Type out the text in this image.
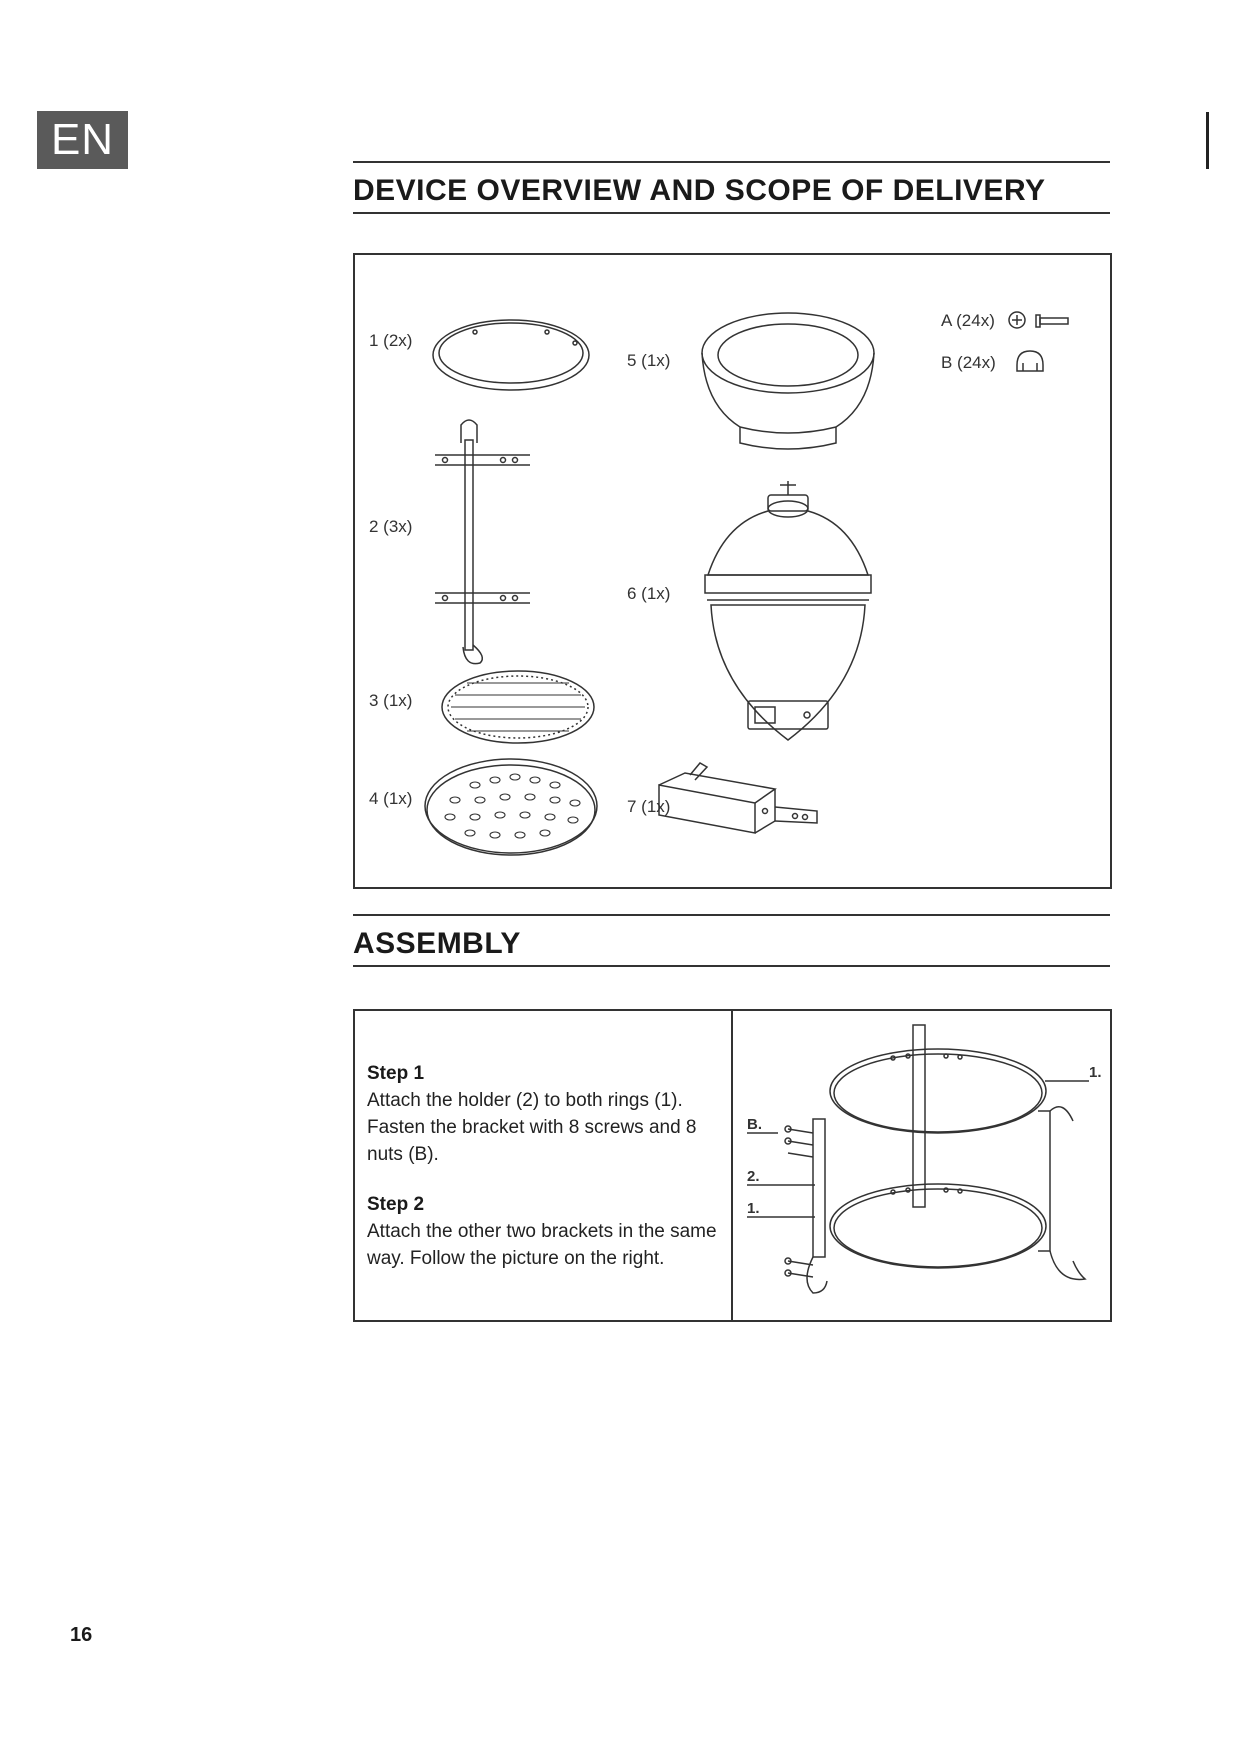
EN
DEVICE OVERVIEW AND SCOPE OF DELIVERY
1 (2x)
2 (3x)
3 (1x)
4 (1x)
5 (1x)
6 (1x)
7 (1x)
A (24x)
B (24x)
ASSEMBLY

Step 1

Attach the holder (2) to both rings (1). Fasten the bracket with 8 screws and 8 nuts (B).

Step 2

Attach the other two brackets in the same way. Follow the picture on the right.

1.
B.
2.
1.
16
